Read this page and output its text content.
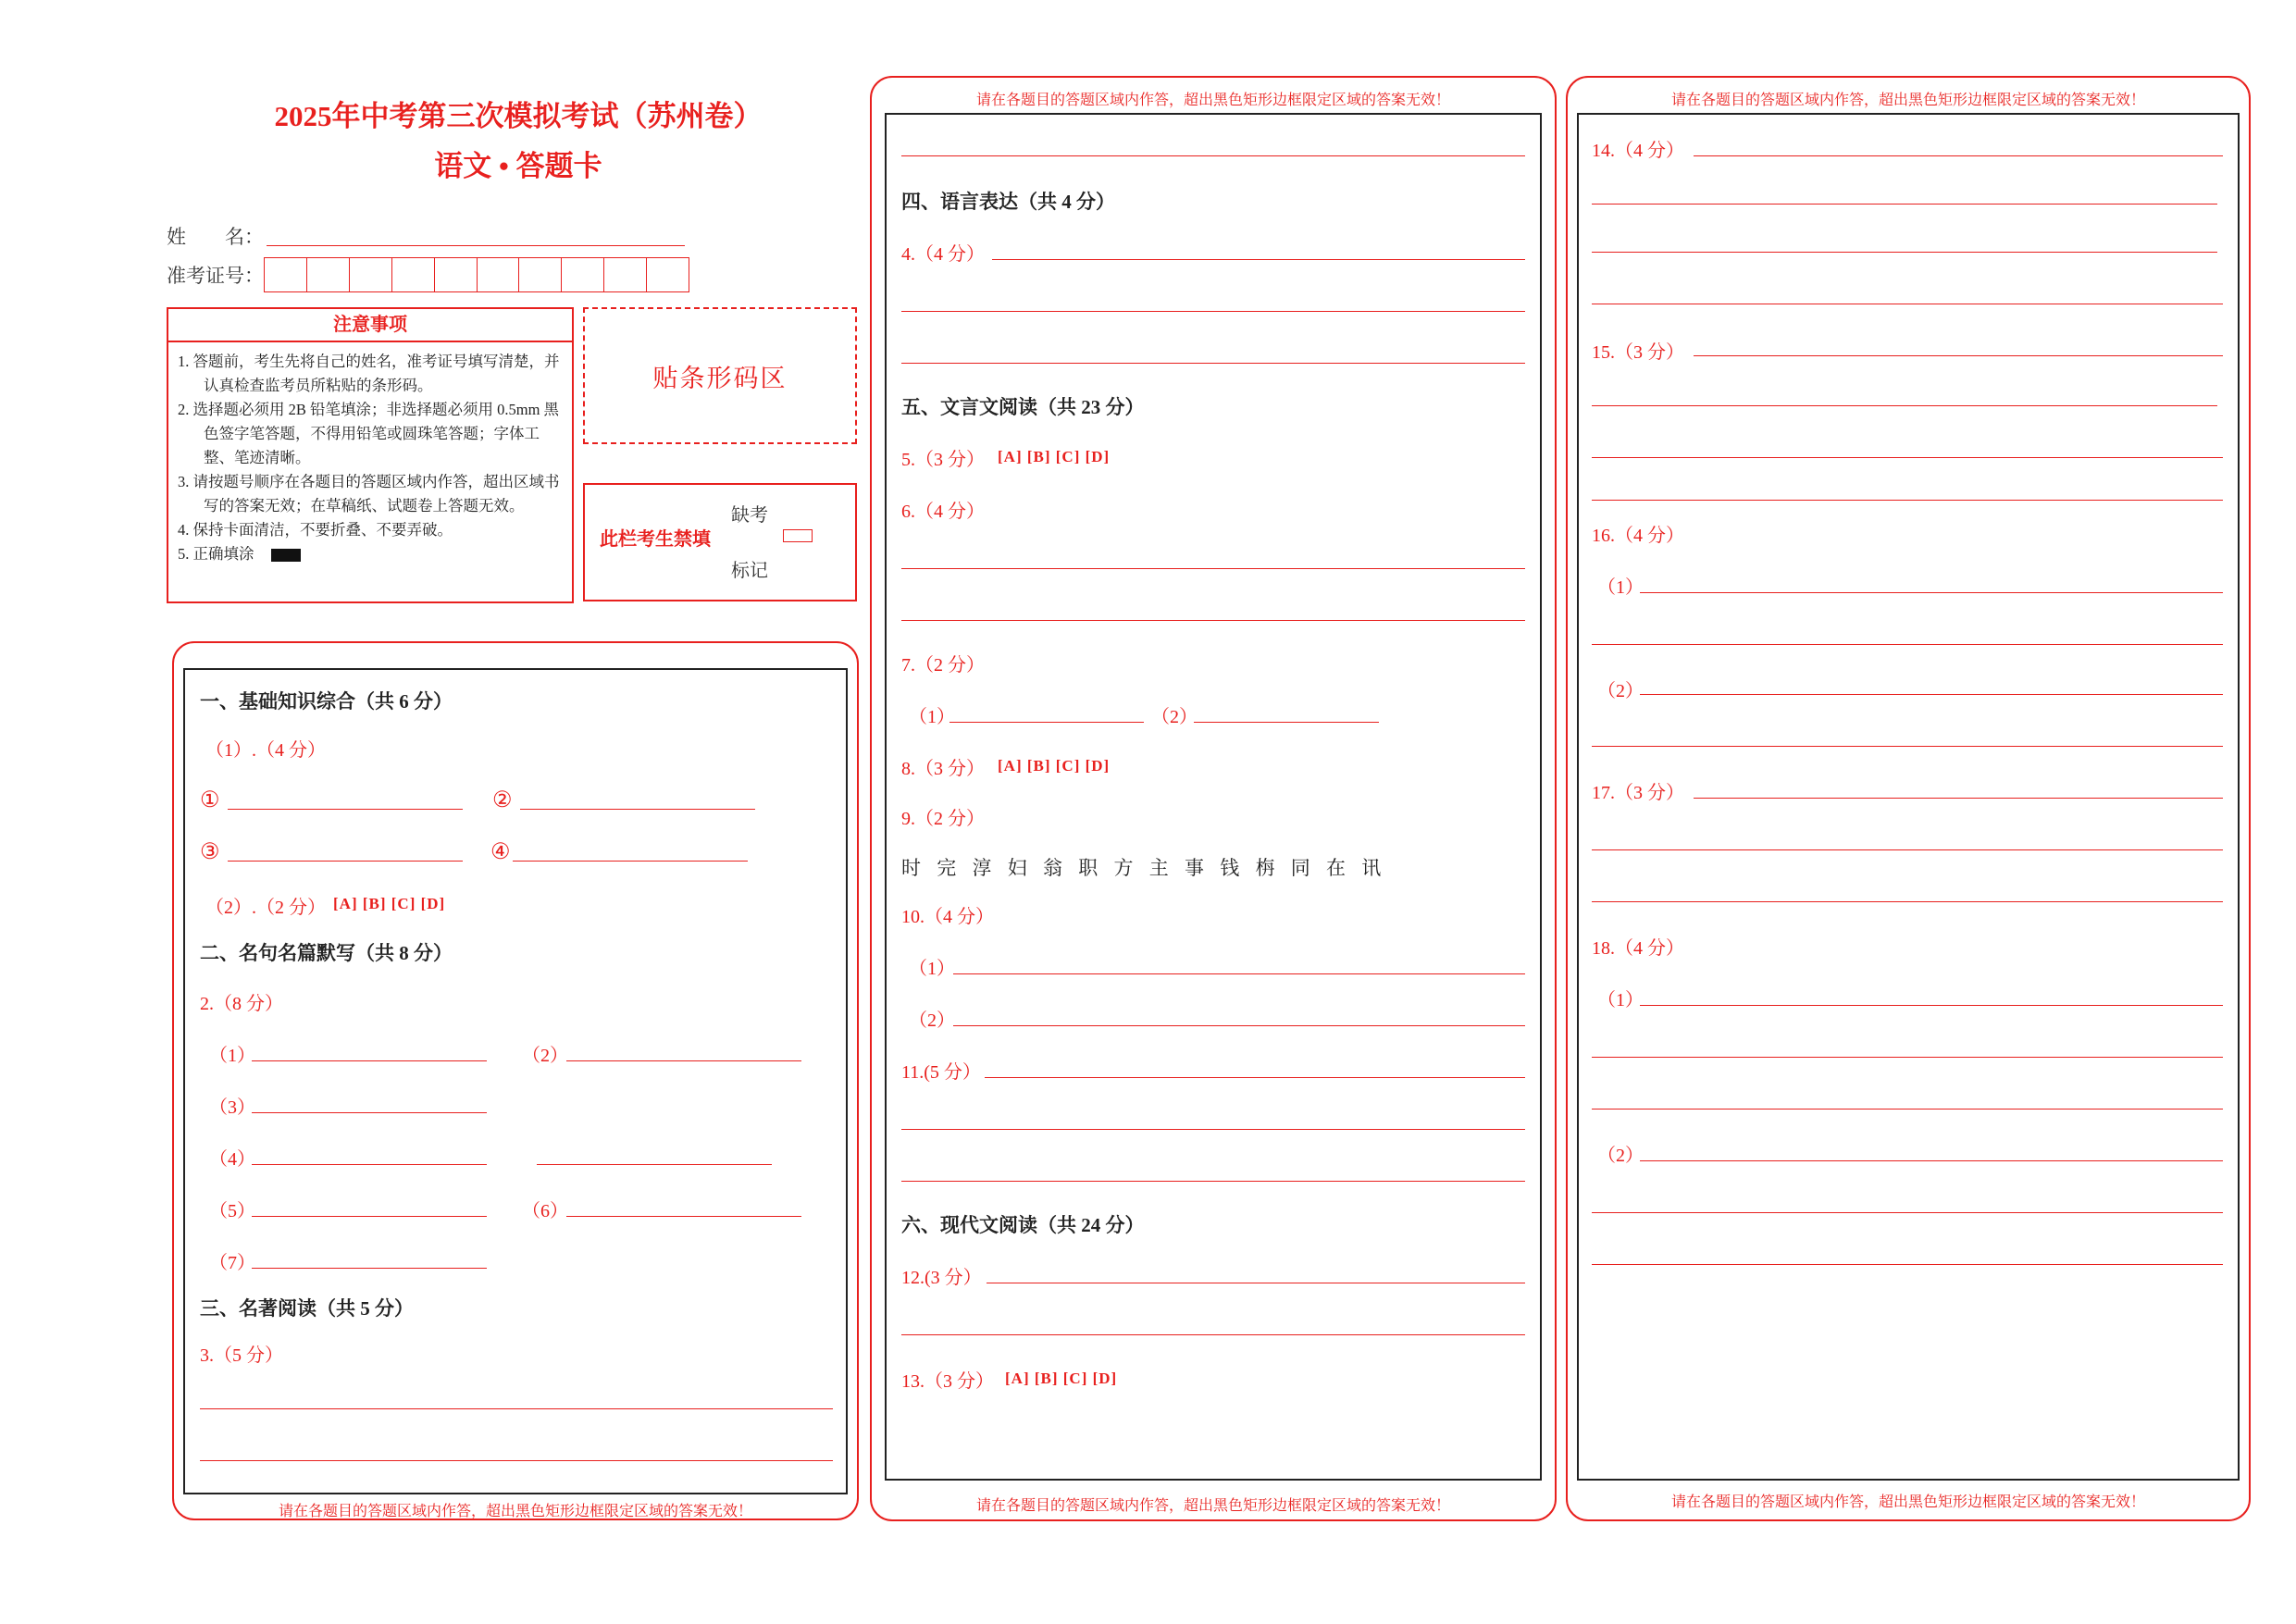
2025年中考第三次模拟考试（苏州卷）
语文 • 答题卡
姓　　名：
准考证号：
注意事项
1. 答题前，考生先将自己的姓名，准考证号填写清楚，并认真检查监考员所粘贴的条形码。
2. 选择题必须用 2B 铅笔填涂；非选择题必须用 0.5mm 黑色签字笔答题，不得用铅笔或圆珠笔答题；字体工整、笔迹清晰。
3. 请按题号顺序在各题目的答题区域内作答，超出区域书写的答案无效；在草稿纸、试题卷上答题无效。
4. 保持卡面清洁，不要折叠、不要弄破。
5. 正确填涂
贴条形码区
此栏考生禁填
缺考
标记
请在各题目的答题区域内作答，超出黑色矩形边框限定区域的答案无效！
一、基础知识综合（共 6 分）
（1）.（4 分）
①	②
③	④
（2）.（2 分） [A] [B] [C] [D]
二、名句名篇默写（共 8 分）
2.（8 分）
（1）	（2）
（3）
（4）
（5）	（6）
（7）
三、名著阅读（共 5 分）
3.（5 分）
请在各题目的答题区域内作答，超出黑色矩形边框限定区域的答案无效！
请在各题目的答题区域内作答，超出黑色矩形边框限定区域的答案无效！
四、语言表达（共 4 分）
4.（4 分）
五、文言文阅读（共 23 分）
5.（3 分） [A] [B] [C] [D]
6.（4 分）
7.（2 分）
（1）	（2）
8.（3 分） [A] [B] [C] [D]
9.（2 分）
时 完 淳 妇 翁 职 方 主 事 钱 栴 同 在 讯
10.（4 分）
（1）
（2）
11.(5 分）
六、现代文阅读（共 24 分）
12.(3 分）
13.（3 分） [A] [B] [C] [D]
请在各题目的答题区域内作答，超出黑色矩形边框限定区域的答案无效！
请在各题目的答题区域内作答，超出黑色矩形边框限定区域的答案无效！
14.（4 分）
15.（3 分）
16.（4 分）
（1）
（2）
17.（3 分）
18.（4 分）
（1）
（2）
